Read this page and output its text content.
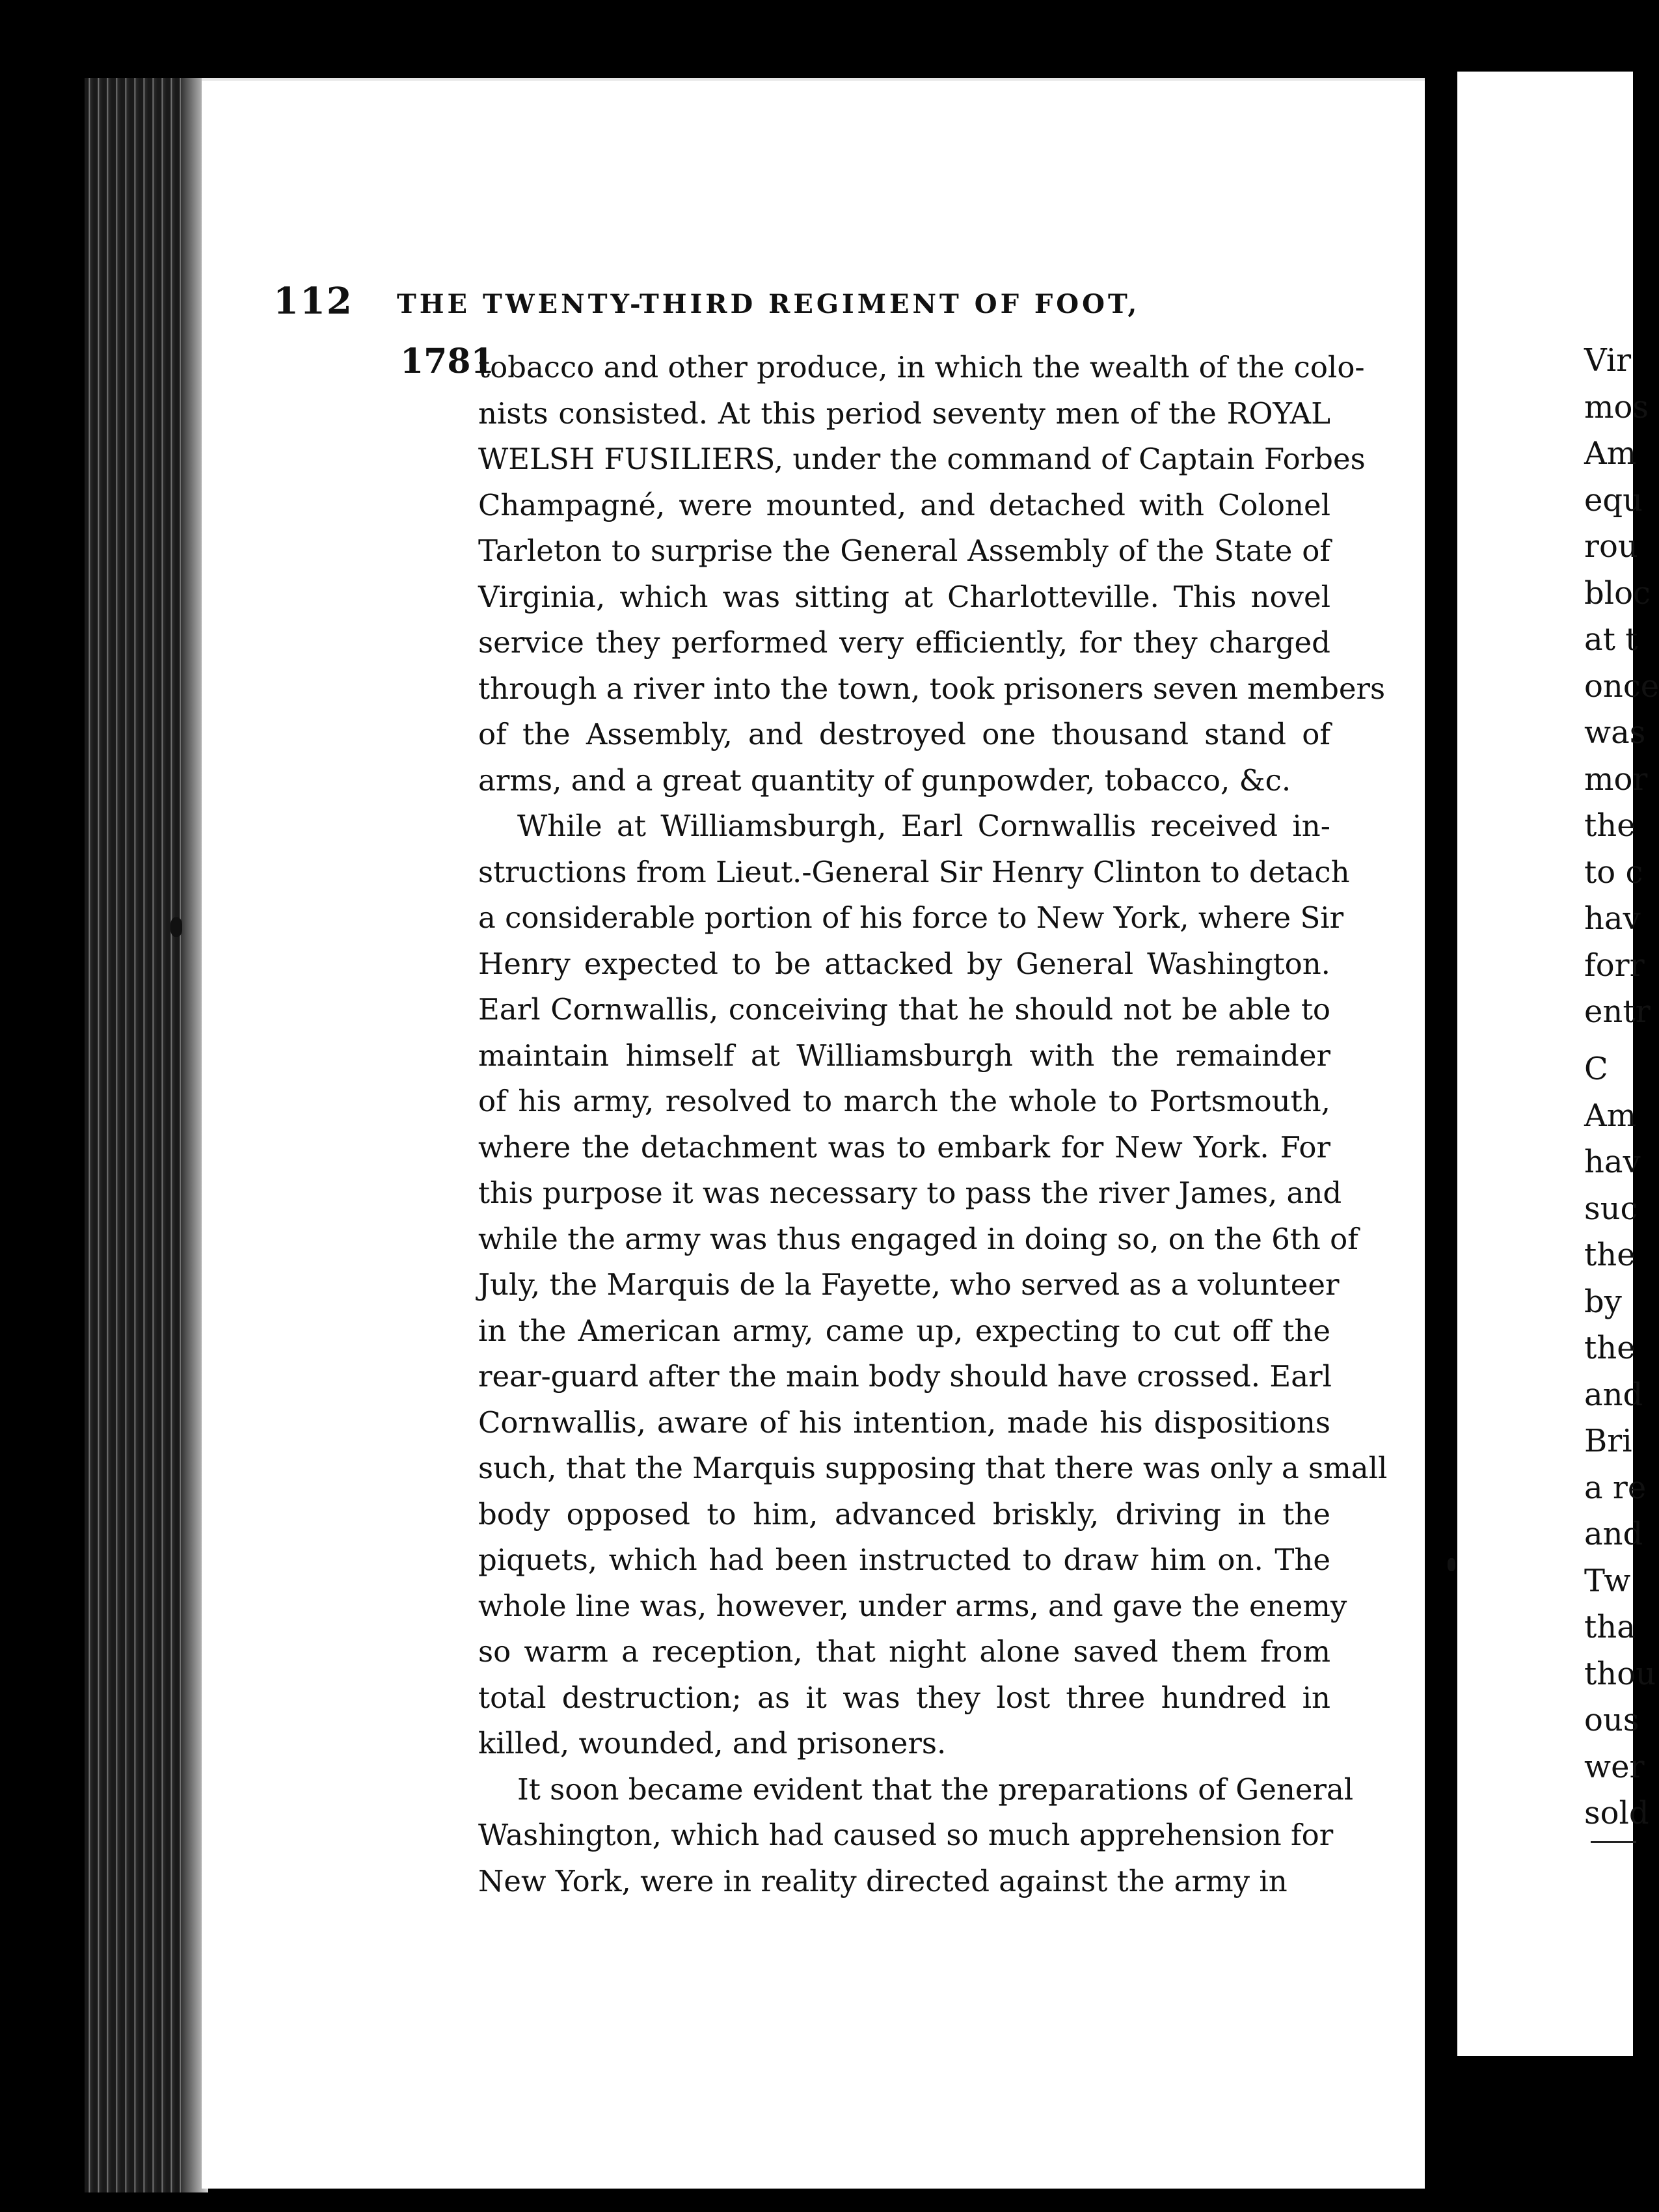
Vir
mos
Am
equ
rou
bloc
at t
once
was
mor
the
to c
hav
forr
entr
C
Am
hav
suc
the
by
the
and
Bri
a re
and
Tw
tha
thou
ous
wer
sold
112 THE TWENTY-THIRD REGIMENT OF FOOT,
1781
tobacco and other produce, in which the wealth of the colo-
nists consisted. At this period seventy men of the ROYAL
WELSH FUSILIERS, under the command of Captain Forbes
Champagné, were mounted, and detached with Colonel
Tarleton to surprise the General Assembly of the State of
Virginia, which was sitting at Charlotteville. This novel
service they performed very efficiently, for they charged
through a river into the town, took prisoners seven members
of the Assembly, and destroyed one thousand stand of
arms, and a great quantity of gunpowder, tobacco, &c.
While at Williamsburgh, Earl Cornwallis received in-
structions from Lieut.-General Sir Henry Clinton to detach
a considerable portion of his force to New York, where Sir
Henry expected to be attacked by General Washington.
Earl Cornwallis, conceiving that he should not be able to
maintain himself at Williamsburgh with the remainder
of his army, resolved to march the whole to Portsmouth,
where the detachment was to embark for New York. For
this purpose it was necessary to pass the river James, and
while the army was thus engaged in doing so, on the 6th of
July, the Marquis de la Fayette, who served as a volunteer
in the American army, came up, expecting to cut off the
rear-guard after the main body should have crossed. Earl
Cornwallis, aware of his intention, made his dispositions
such, that the Marquis supposing that there was only a small
body opposed to him, advanced briskly, driving in the
piquets, which had been instructed to draw him on. The
whole line was, however, under arms, and gave the enemy
so warm a reception, that night alone saved them from
total destruction; as it was they lost three hundred in
killed, wounded, and prisoners.
It soon became evident that the preparations of General
Washington, which had caused so much apprehension for
New York, were in reality directed against the army in
